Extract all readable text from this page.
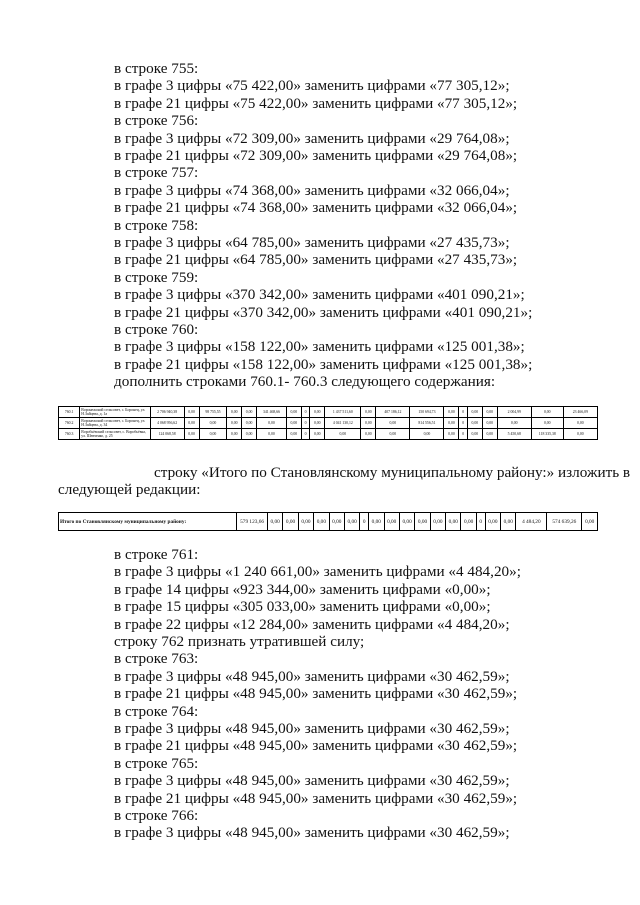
в строке 755:
в графе 3 цифры «75 422,00» заменить цифрами «77 305,12»;
в графе 21 цифры «75 422,00» заменить цифрами «77 305,12»;
в строке 756:
в графе 3 цифры «72 309,00» заменить цифрами «29 764,08»;
в графе 21 цифры «72 309,00» заменить цифрами «29 764,08»;
в строке 757:
в графе 3 цифры «74 368,00» заменить цифрами «32 066,04»;
в графе 21 цифры «74 368,00» заменить цифрами «32 066,04»;
в строке 758:
в графе 3 цифры «64 785,00» заменить цифрами «27 435,73»;
в графе 21 цифры «64 785,00» заменить цифрами «27 435,73»;
в строке 759:
в графе 3 цифры «370 342,00» заменить цифрами «401 090,21»;
в графе 21 цифры «370 342,00» заменить цифрами «401 090,21»;
в строке 760:
в графе 3 цифры «158 122,00» заменить цифрами «125 001,38»;
в графе 21 цифры «158 122,00» заменить цифрами «125 001,38»;
дополнить строками 760.1- 760.3 следующего содержания:
760.1	Воронежский сельсовет, с. Боронец, ул. Н.Зайцева, д. 1а	2 706 940,38	0,00	98 755,55	0,00	0,00	341 468,66	0,00	0	0,00	1 437 511,60	0,00	407 186,12	150 694,73	0,00	0	0,00	0,00	2 004,99	0,00	23 466,09
760.2	Воронежский сельсовет, с. Боронец, ул. Н.Зайцева, д. 34	4 068 956,62	0,00	0,00	0,00	0,00	0,00	0,00	0	0,00	4 041 130,12	0,00	0,00	814 556,51	0,00	0	0,00	0,00	0,00	0,00	0,00
760.3	Воробьёвский сельсовет, с. Воробьёвка, ул. Шевченко, д. 25	124 068,58	0,00	0,00	0,00	0,00	0,00	0,00	0	0,00	0,00	0,00	0,00	0,00	0,00	0	0,00	0,00	5 450,68	118 335,38	0,00
строку «Итого по Становлянскому муниципальному району:» изложить в
следующей редакции:
Итого по Становлянскому муниципальному району:	579 123,66	0,00	0,00	0,00	0,00	0,00	0,00	0	0,00	0,00	0,00	0,00	0,00	0,00	0,00	0	0,00	0,00	4 484,20	574 639,26	0,00
в строке 761:
в графе 3 цифры «1 240 661,00» заменить цифрами «4 484,20»;
в графе 14 цифры «923 344,00» заменить цифрами «0,00»;
в графе 15 цифры «305 033,00» заменить цифрами «0,00»;
в графе 22 цифры «12 284,00» заменить цифрами «4 484,20»;
строку 762 признать утратившей силу;
в строке 763:
в графе 3 цифры «48 945,00» заменить цифрами «30 462,59»;
в графе 21 цифры «48 945,00» заменить цифрами «30 462,59»;
в строке 764:
в графе 3 цифры «48 945,00» заменить цифрами «30 462,59»;
в графе 21 цифры «48 945,00» заменить цифрами «30 462,59»;
в строке 765:
в графе 3 цифры «48 945,00» заменить цифрами «30 462,59»;
в графе 21 цифры «48 945,00» заменить цифрами «30 462,59»;
в строке 766:
в графе 3 цифры «48 945,00» заменить цифрами «30 462,59»;
